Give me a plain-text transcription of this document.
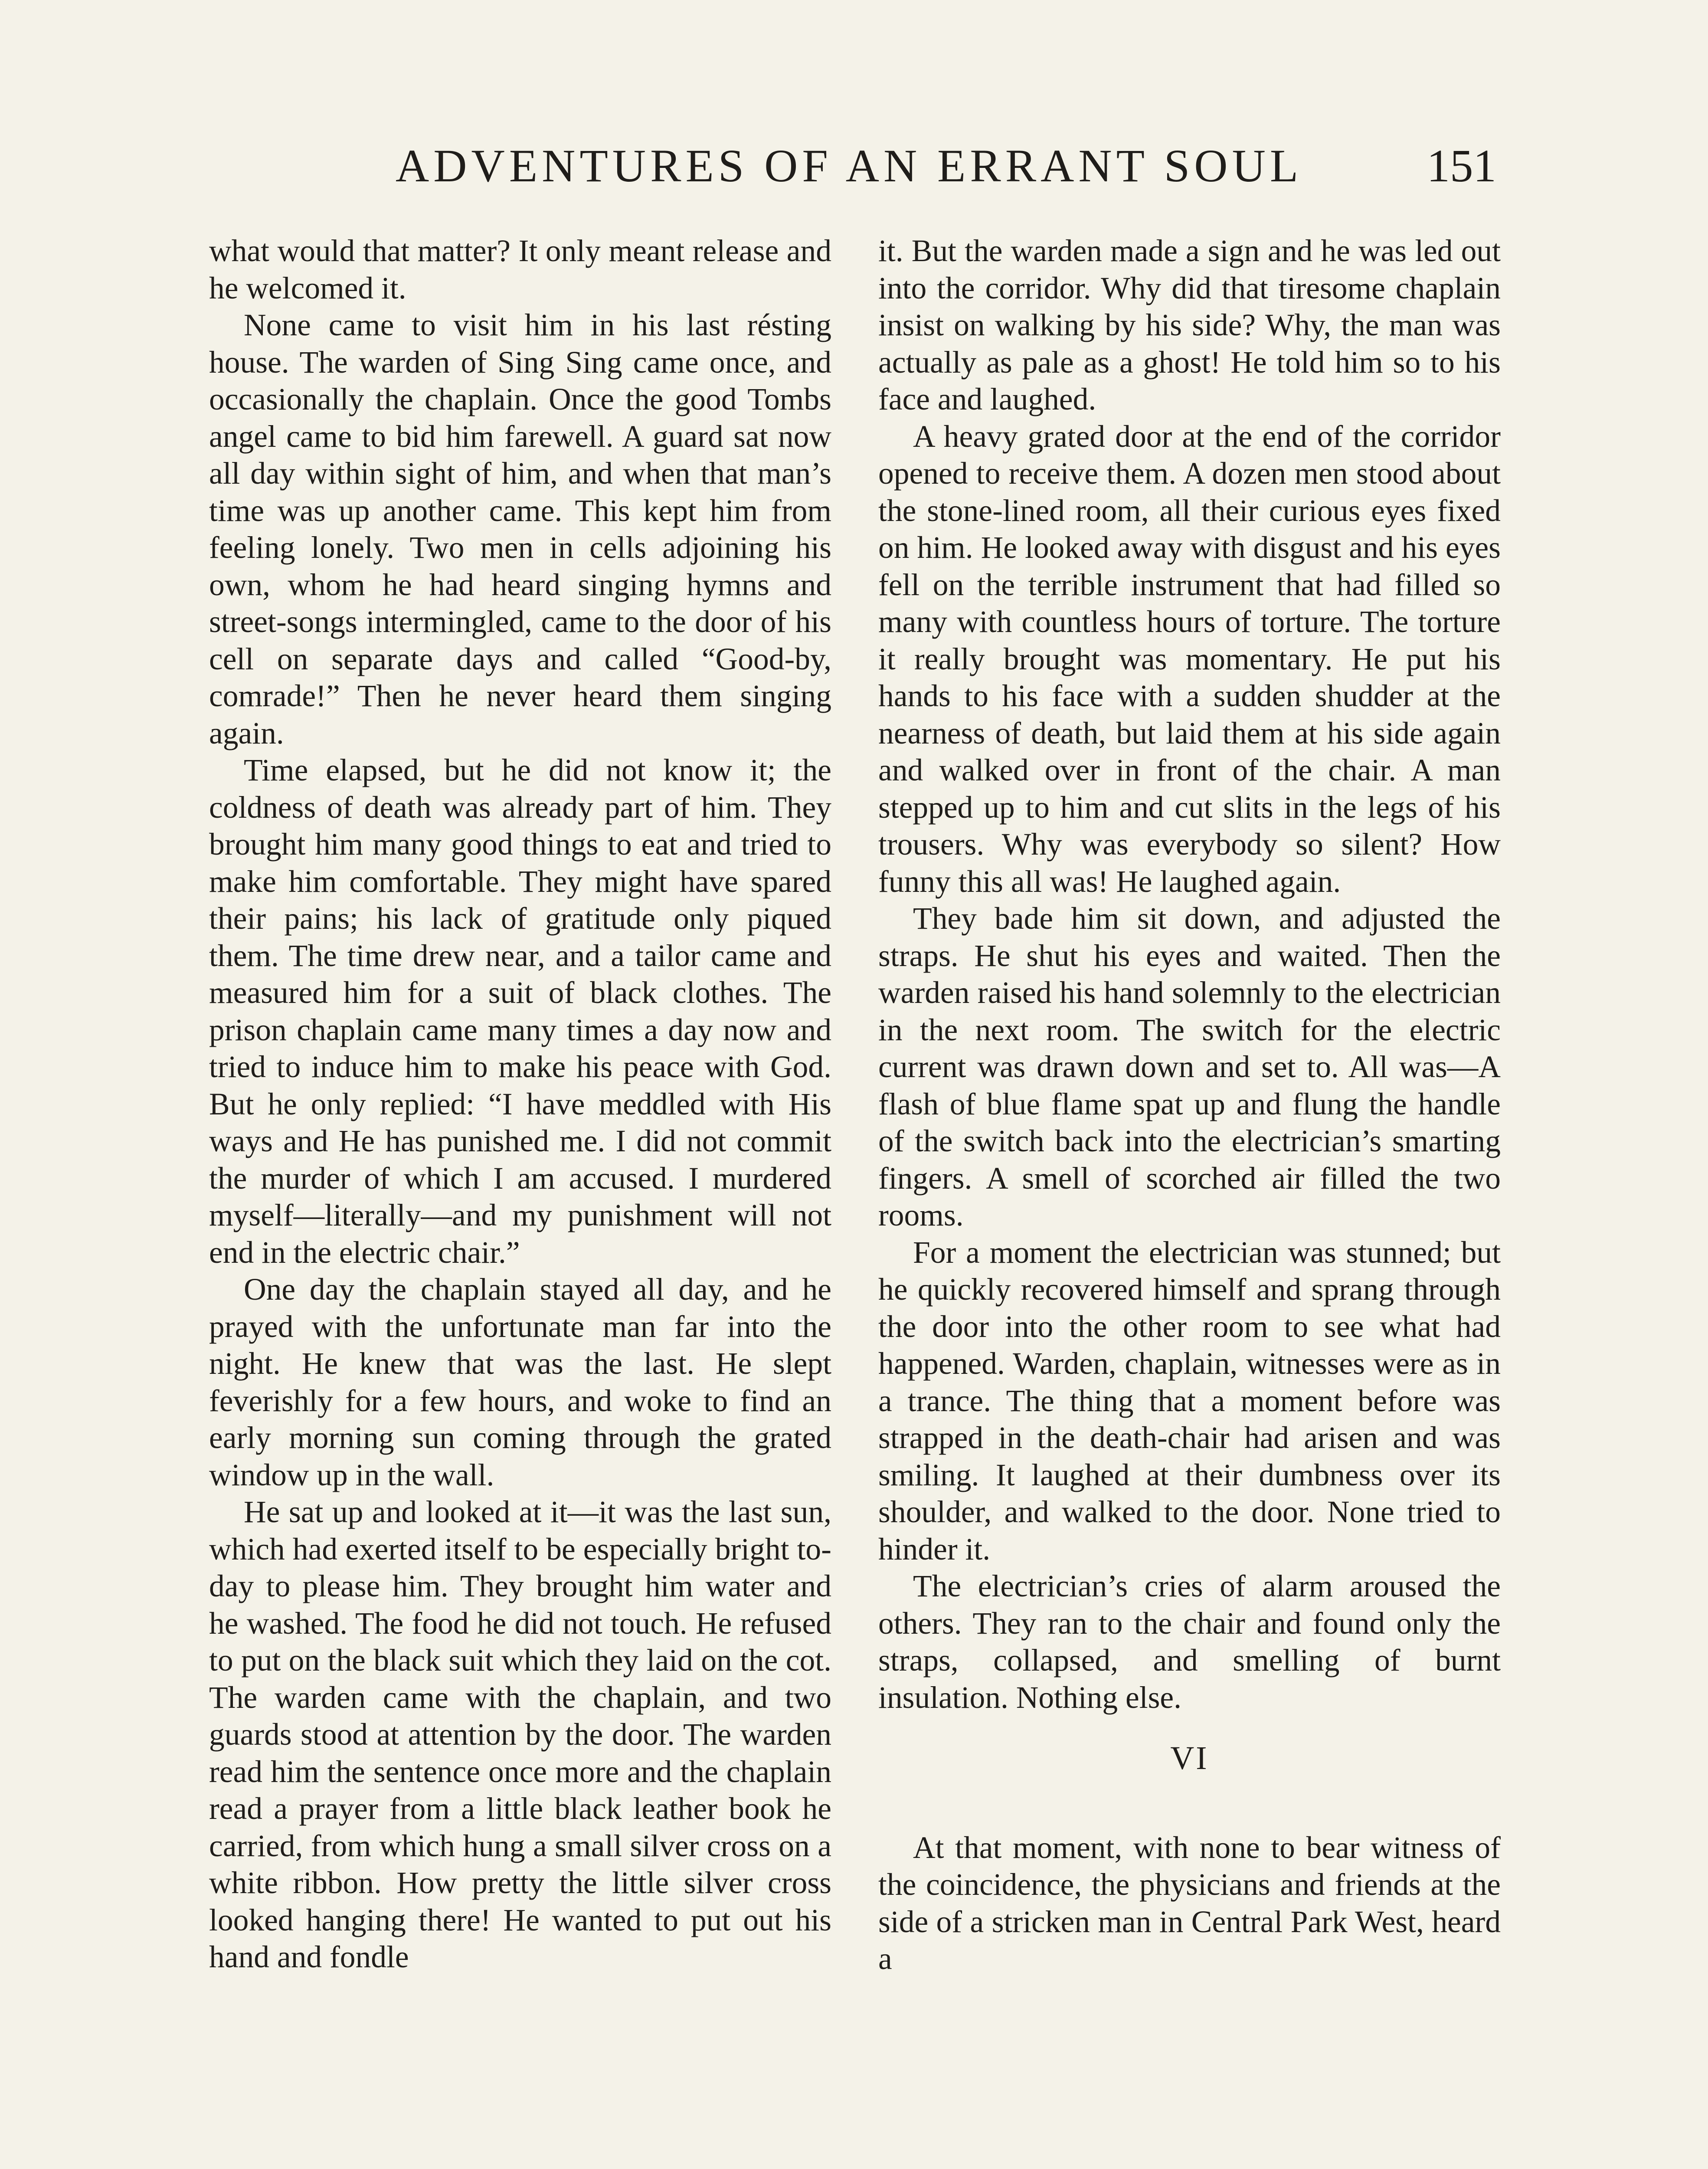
ADVENTURES OF AN ERRANT SOUL	151

what would that matter? It only meant release and he welcomed it.

None came to visit him in his last résting house. The warden of Sing Sing came once, and occasionally the chaplain. Once the good Tombs angel came to bid him farewell. A guard sat now all day within sight of him, and when that man’s time was up another came. This kept him from feeling lonely. Two men in cells adjoining his own, whom he had heard singing hymns and street-songs intermingled, came to the door of his cell on separate days and called “Good-by, comrade!” Then he never heard them singing again.

Time elapsed, but he did not know it; the coldness of death was already part of him. They brought him many good things to eat and tried to make him comfortable. They might have spared their pains; his lack of gratitude only piqued them. The time drew near, and a tailor came and measured him for a suit of black clothes. The prison chaplain came many times a day now and tried to induce him to make his peace with God. But he only replied: “I have meddled with His ways and He has punished me. I did not commit the murder of which I am accused. I murdered myself—literally—and my punishment will not end in the electric chair.”

One day the chaplain stayed all day, and he prayed with the unfortunate man far into the night. He knew that was the last. He slept feverishly for a few hours, and woke to find an early morning sun coming through the grated window up in the wall.

He sat up and looked at it—it was the last sun, which had exerted itself to be especially bright to-day to please him. They brought him water and he washed. The food he did not touch. He refused to put on the black suit which they laid on the cot. The warden came with the chaplain, and two guards stood at attention by the door. The warden read him the sentence once more and the chaplain read a prayer from a little black leather book he carried, from which hung a small silver cross on a white ribbon. How pretty the little silver cross looked hanging there! He wanted to put out his hand and fondle

it. But the warden made a sign and he was led out into the corridor. Why did that tiresome chaplain insist on walking by his side? Why, the man was actually as pale as a ghost! He told him so to his face and laughed.

A heavy grated door at the end of the corridor opened to receive them. A dozen men stood about the stone-lined room, all their curious eyes fixed on him. He looked away with disgust and his eyes fell on the terrible instrument that had filled so many with countless hours of torture. The torture it really brought was momentary. He put his hands to his face with a sudden shudder at the nearness of death, but laid them at his side again and walked over in front of the chair. A man stepped up to him and cut slits in the legs of his trousers. Why was everybody so silent? How funny this all was! He laughed again.

They bade him sit down, and adjusted the straps. He shut his eyes and waited. Then the warden raised his hand solemnly to the electrician in the next room. The switch for the electric current was drawn down and set to. All was—A flash of blue flame spat up and flung the handle of the switch back into the electrician’s smarting fingers. A smell of scorched air filled the two rooms.

For a moment the electrician was stunned; but he quickly recovered himself and sprang through the door into the other room to see what had happened. Warden, chaplain, witnesses were as in a trance. The thing that a moment before was strapped in the death-chair had arisen and was smiling. It laughed at their dumbness over its shoulder, and walked to the door. None tried to hinder it.

The electrician’s cries of alarm aroused the others. They ran to the chair and found only the straps, collapsed, and smelling of burnt insulation. Nothing else.

VI

At that moment, with none to bear witness of the coincidence, the physicians and friends at the side of a stricken man in Central Park West, heard a
